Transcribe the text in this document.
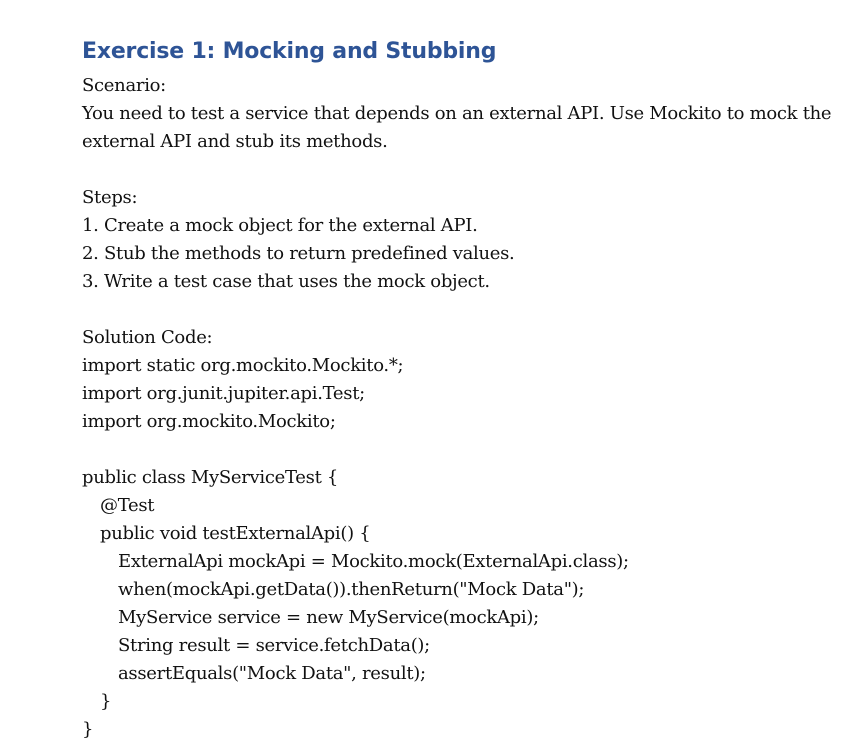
Exercise 1: Mocking and Stubbing
Scenario:
You need to test a service that depends on an external API. Use Mockito to mock the external API and stub its methods.
Steps:
1. Create a mock object for the external API.
2. Stub the methods to return predefined values.
3. Write a test case that uses the mock object.
Solution Code:
import static org.mockito.Mockito.*;
import org.junit.jupiter.api.Test;
import org.mockito.Mockito;
public class MyServiceTest {
@Test
public void testExternalApi() {
ExternalApi mockApi = Mockito.mock(ExternalApi.class);
when(mockApi.getData()).thenReturn("Mock Data");
MyService service = new MyService(mockApi);
String result = service.fetchData();
assertEquals("Mock Data", result);
}
}
